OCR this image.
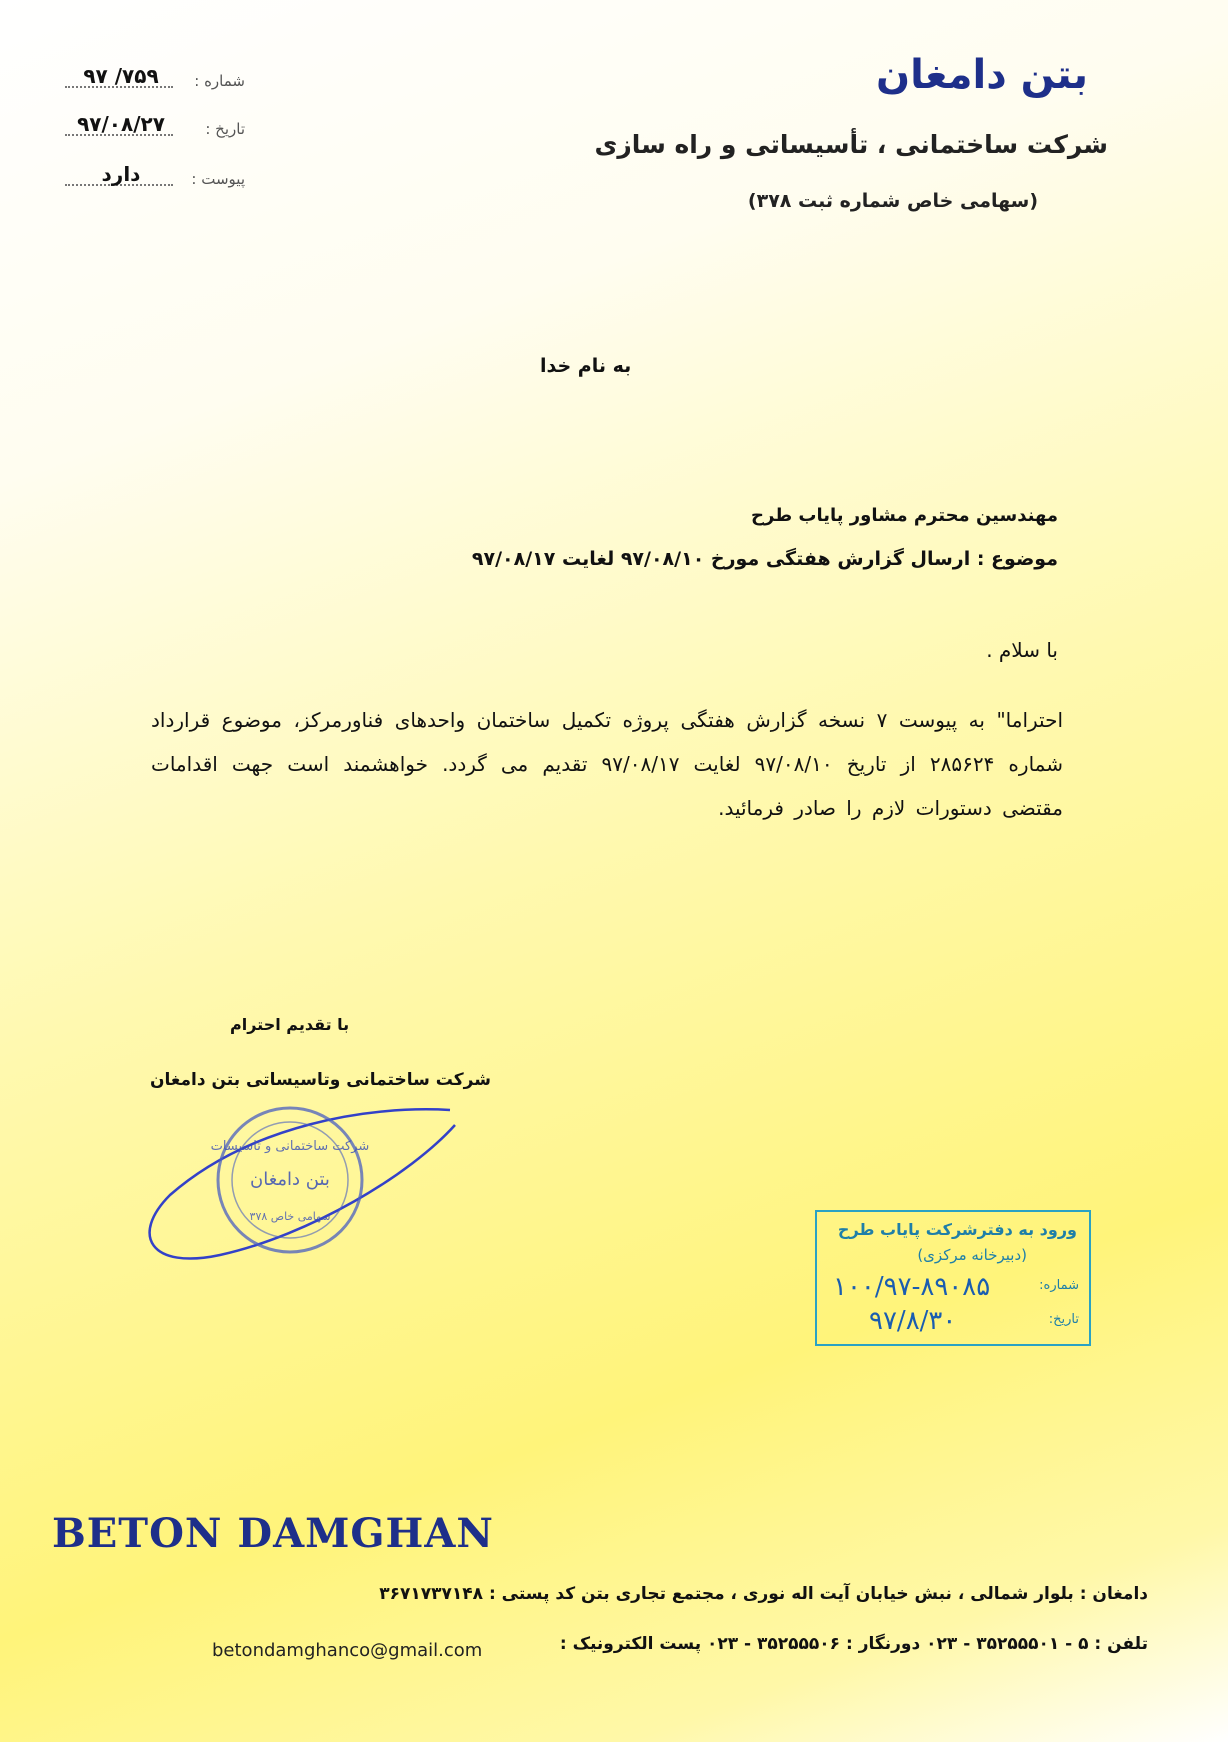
بتن دامغان
شرکت ساختمانی ، تأسیساتی و راه سازی
(سهامی خاص شماره ثبت ۳۷۸)
۹۷ /۷۵۹	شماره :
۹۷/۰۸/۲۷	تاریخ :
دارد	پیوست :
به نام خدا
مهندسین محترم مشاور پایاب طرح
موضوع : ارسال گزارش هفتگی مورخ ۹۷/۰۸/۱۰ لغایت ۹۷/۰۸/۱۷
با سلام .
احتراما" به پیوست ۷ نسخه گزارش هفتگی پروژه تکمیل ساختمان واحدهای فناورمرکز، موضوع قرارداد شماره ۲۸۵۶۲۴ از تاریخ ۹۷/۰۸/۱۰ لغایت ۹۷/۰۸/۱۷ تقدیم می گردد. خواهشمند است جهت اقدامات مقتضی دستورات لازم را صادر فرمائید.
با تقدیم احترام
شرکت ساختمانی وتاسیساتی بتن دامغان
شرکت ساختمانی و تاسیسات
بتن دامغان
سهامی خاص ۳۷۸
ورود به دفترشرکت پایاب طرح
(دبیرخانه مرکزی)
شماره:
۱۰۰/۹۷-۸۹۰۸۵
تاریخ:
۹۷/۸/۳۰
BETON DAMGHAN
دامغان : بلوار شمالی ، نبش خیابان آیت اله نوری ، مجتمع تجاری بتن کد پستی : ۳۶۷۱۷۳۷۱۴۸
تلفن : ۵ - ۳۵۲۵۵۵۰۱ - ۰۲۳ دورنگار : ۳۵۲۵۵۵۰۶ - ۰۲۳ پست الکترونیک :
betondamghanco@gmail.com
